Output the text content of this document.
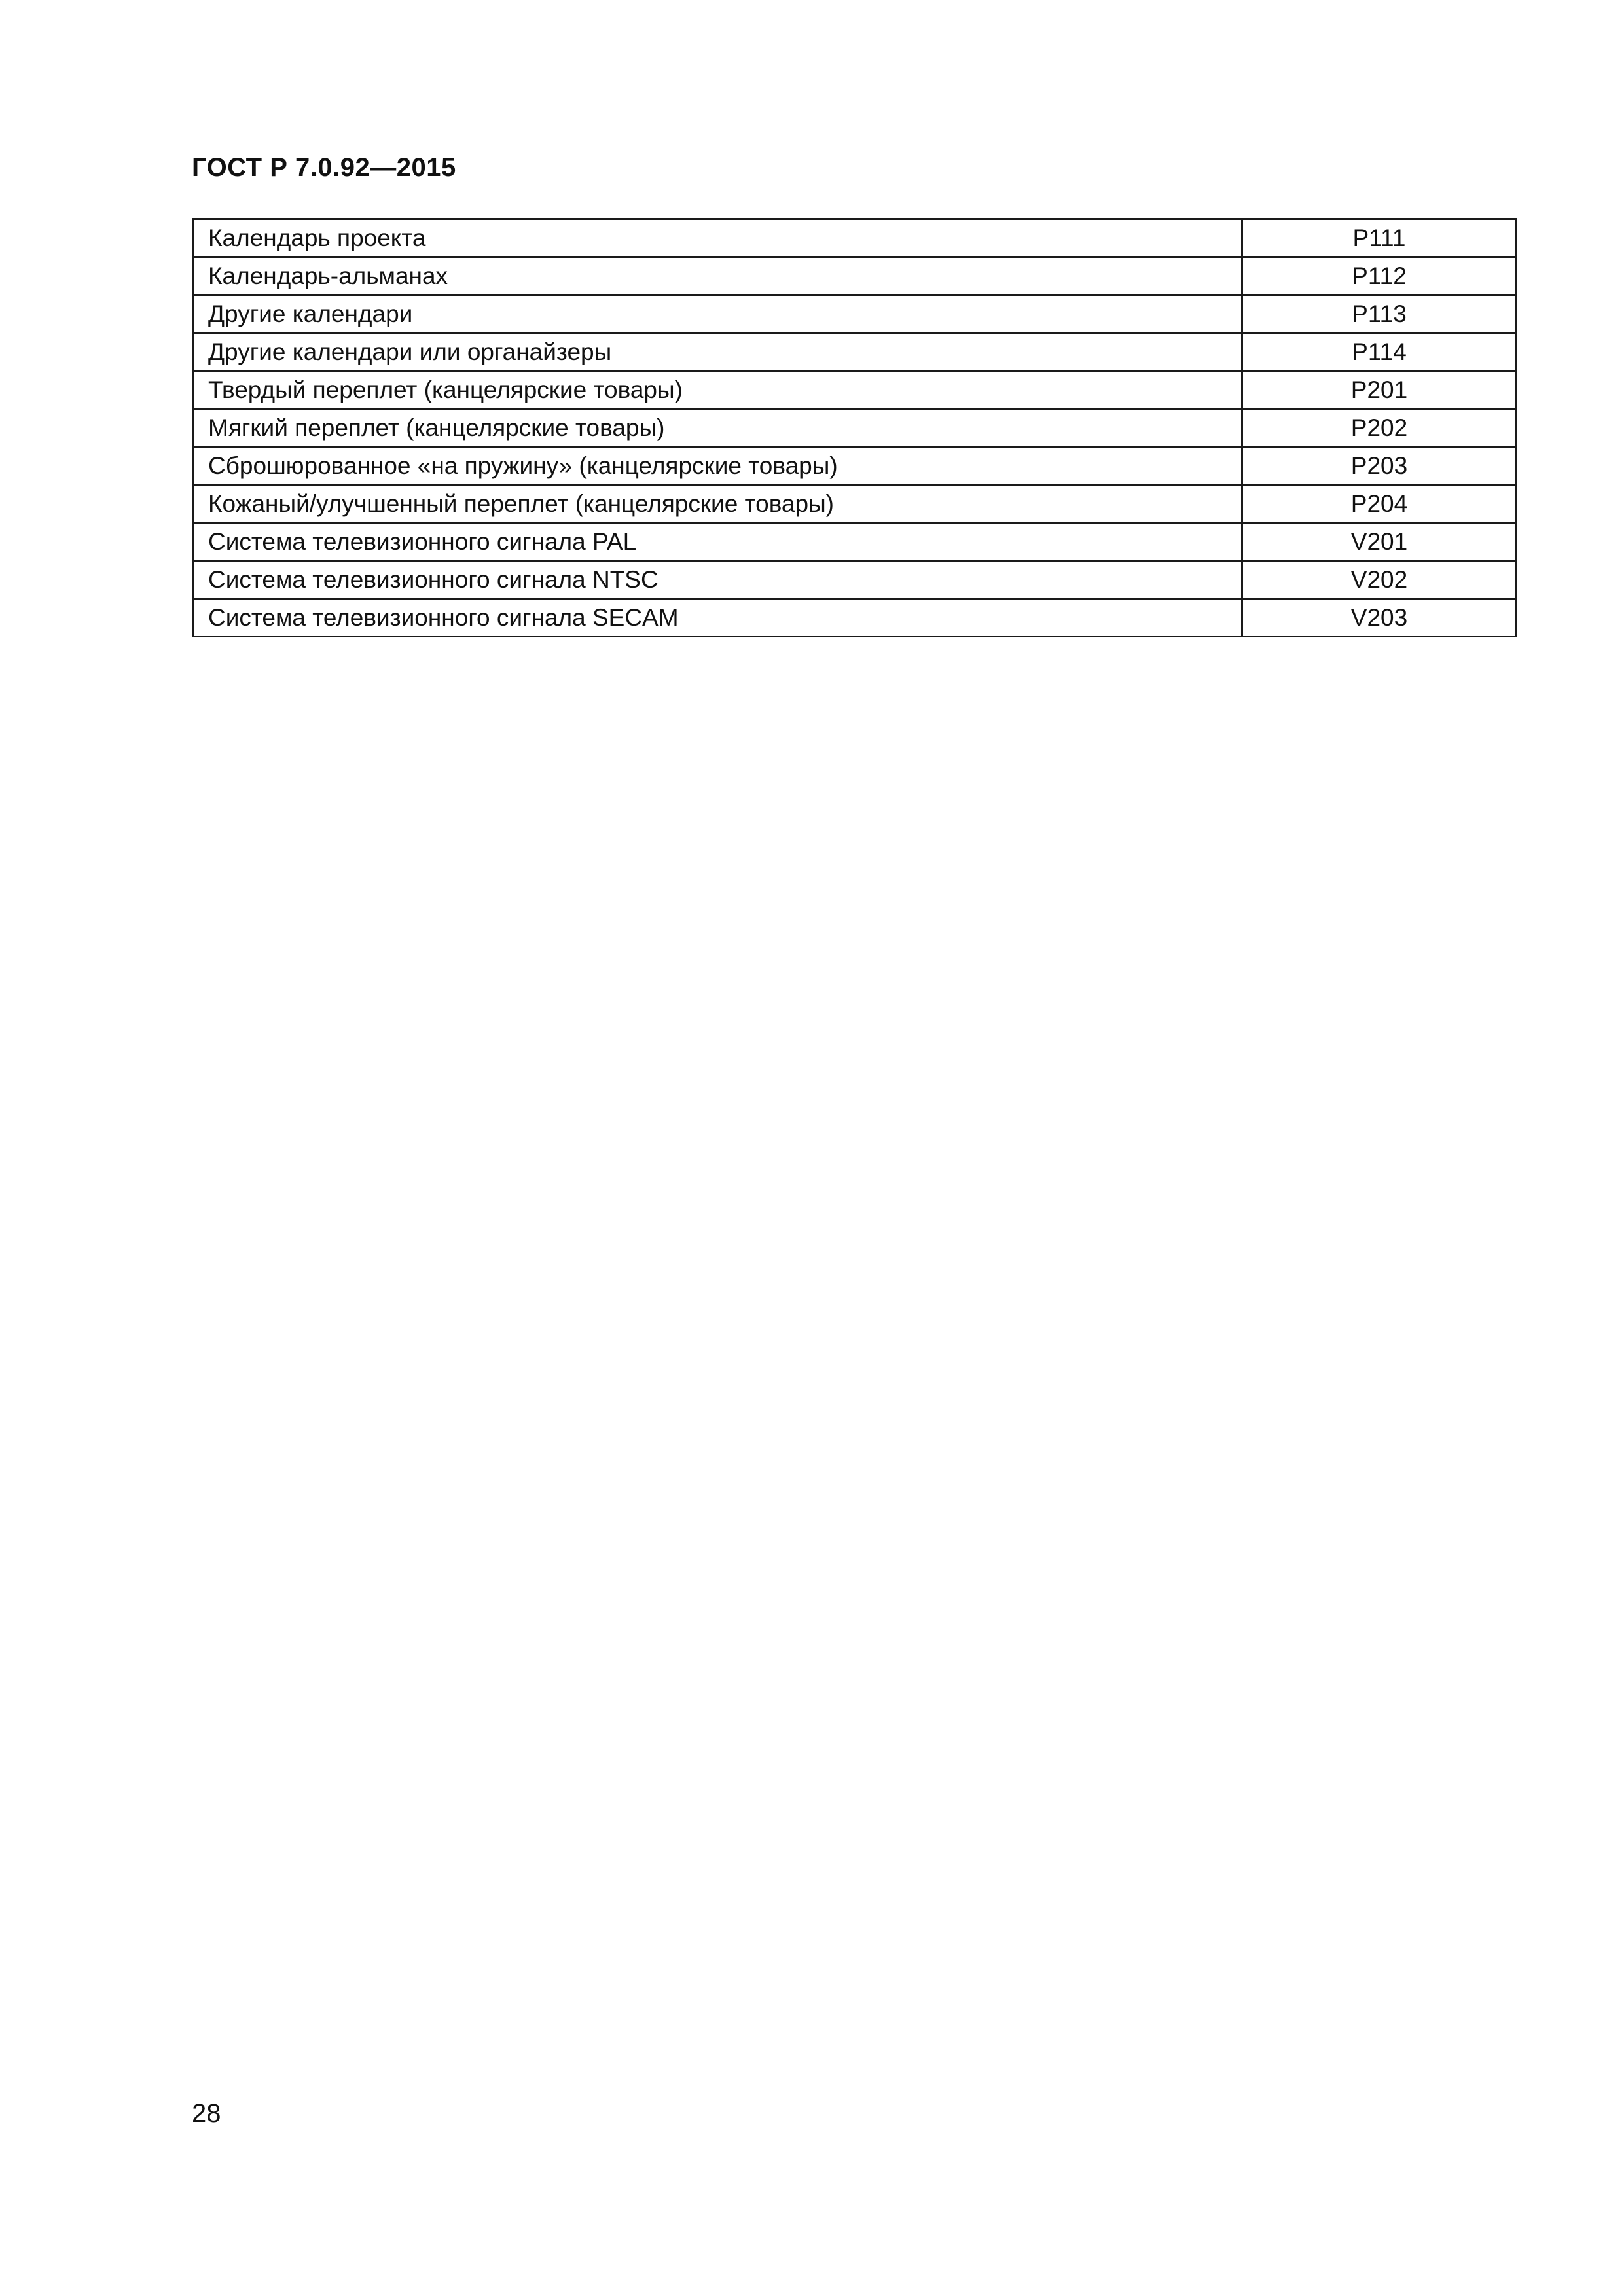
ГОСТ Р 7.0.92—2015
Календарь проекта	P111
Календарь-альманах	P112
Другие календари	P113
Другие календари или органайзеры	P114
Твердый переплет (канцелярские товары)	P201
Мягкий переплет (канцелярские товары)	P202
Сброшюрованное «на пружину» (канцелярские товары)	P203
Кожаный/улучшенный переплет (канцелярские товары)	P204
Система телевизионного сигнала PAL	V201
Система телевизионного сигнала NTSC	V202
Система телевизионного сигнала SECAM	V203
28
